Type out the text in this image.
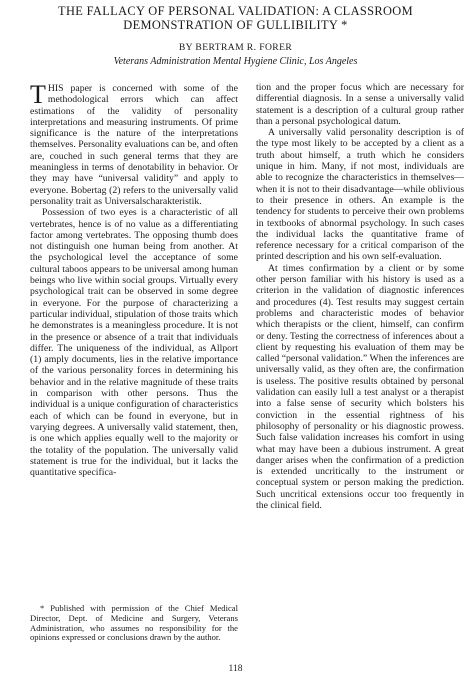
THE FALLACY OF PERSONAL VALIDATION: A CLASSROOM
DEMONSTRATION OF GULLIBILITY *
BY BERTRAM R. FORER
Veterans Administration Mental Hygiene Clinic, Los Angeles

THIS paper is concerned with some of the methodological errors which can affect estimations of the validity of personality interpretations and measuring instruments. Of prime significance is the nature of the interpretations themselves. Personality evaluations can be, and often are, couched in such general terms that they are meaningless in terms of denotability in behavior. Or they may have “universal validity” and apply to everyone. Bobertag (2) refers to the universally valid personality trait as Universalscharakteristik.

Possession of two eyes is a characteristic of all vertebrates, hence is of no value as a differentiating factor among vertebrates. The opposing thumb does not distinguish one human being from another. At the psychological level the acceptance of some cultural taboos appears to be universal among human beings who live within social groups. Virtually every psychological trait can be observed in some degree in everyone. For the purpose of characterizing a particular individual, stipulation of those traits which he demonstrates is a meaningless procedure. It is not in the presence or absence of a trait that individuals differ. The uniqueness of the individual, as Allport (1) amply documents, lies in the relative importance of the various personality forces in determining his behavior and in the relative magnitude of these traits in comparison with other persons. Thus the individual is a unique configuration of characteristics each of which can be found in everyone, but in varying degrees. A universally valid statement, then, is one which applies equally well to the majority or the totality of the population. The universally valid statement is true for the individual, but it lacks the quantitative specifica-

tion and the proper focus which are necessary for differential diagnosis. In a sense a universally valid statement is a description of a cultural group rather than a personal psychological datum.

A universally valid personality description is of the type most likely to be accepted by a client as a truth about himself, a truth which he considers unique in him. Many, if not most, individuals are able to recognize the characteristics in themselves—when it is not to their disadvantage—while oblivious to their presence in others. An example is the tendency for students to perceive their own problems in textbooks of abnormal psychology. In such cases the individual lacks the quantitative frame of reference necessary for a critical comparison of the printed description and his own self-evaluation.

At times confirmation by a client or by some other person familiar with his history is used as a criterion in the validation of diagnostic inferences and procedures (4). Test results may suggest certain problems and characteristic modes of behavior which therapists or the client, himself, can confirm or deny. Testing the correctness of inferences about a client by requesting his evaluation of them may be called “personal validation.” When the inferences are universally valid, as they often are, the confirmation is useless. The positive results obtained by personal validation can easily lull a test analyst or a therapist into a false sense of security which bolsters his conviction in the essential rightness of his philosophy of personality or his diagnostic prowess. Such false validation increases his comfort in using what may have been a dubious instrument. A great danger arises when the confirmation of a prediction is extended uncritically to the instrument or conceptual system or person making the prediction. Such uncritical extensions occur too frequently in the clinical field.

* Published with permission of the Chief Medical Director, Dept. of Medicine and Surgery, Veterans Administration, who assumes no responsibility for the opinions expressed or conclusions drawn by the author.
118
